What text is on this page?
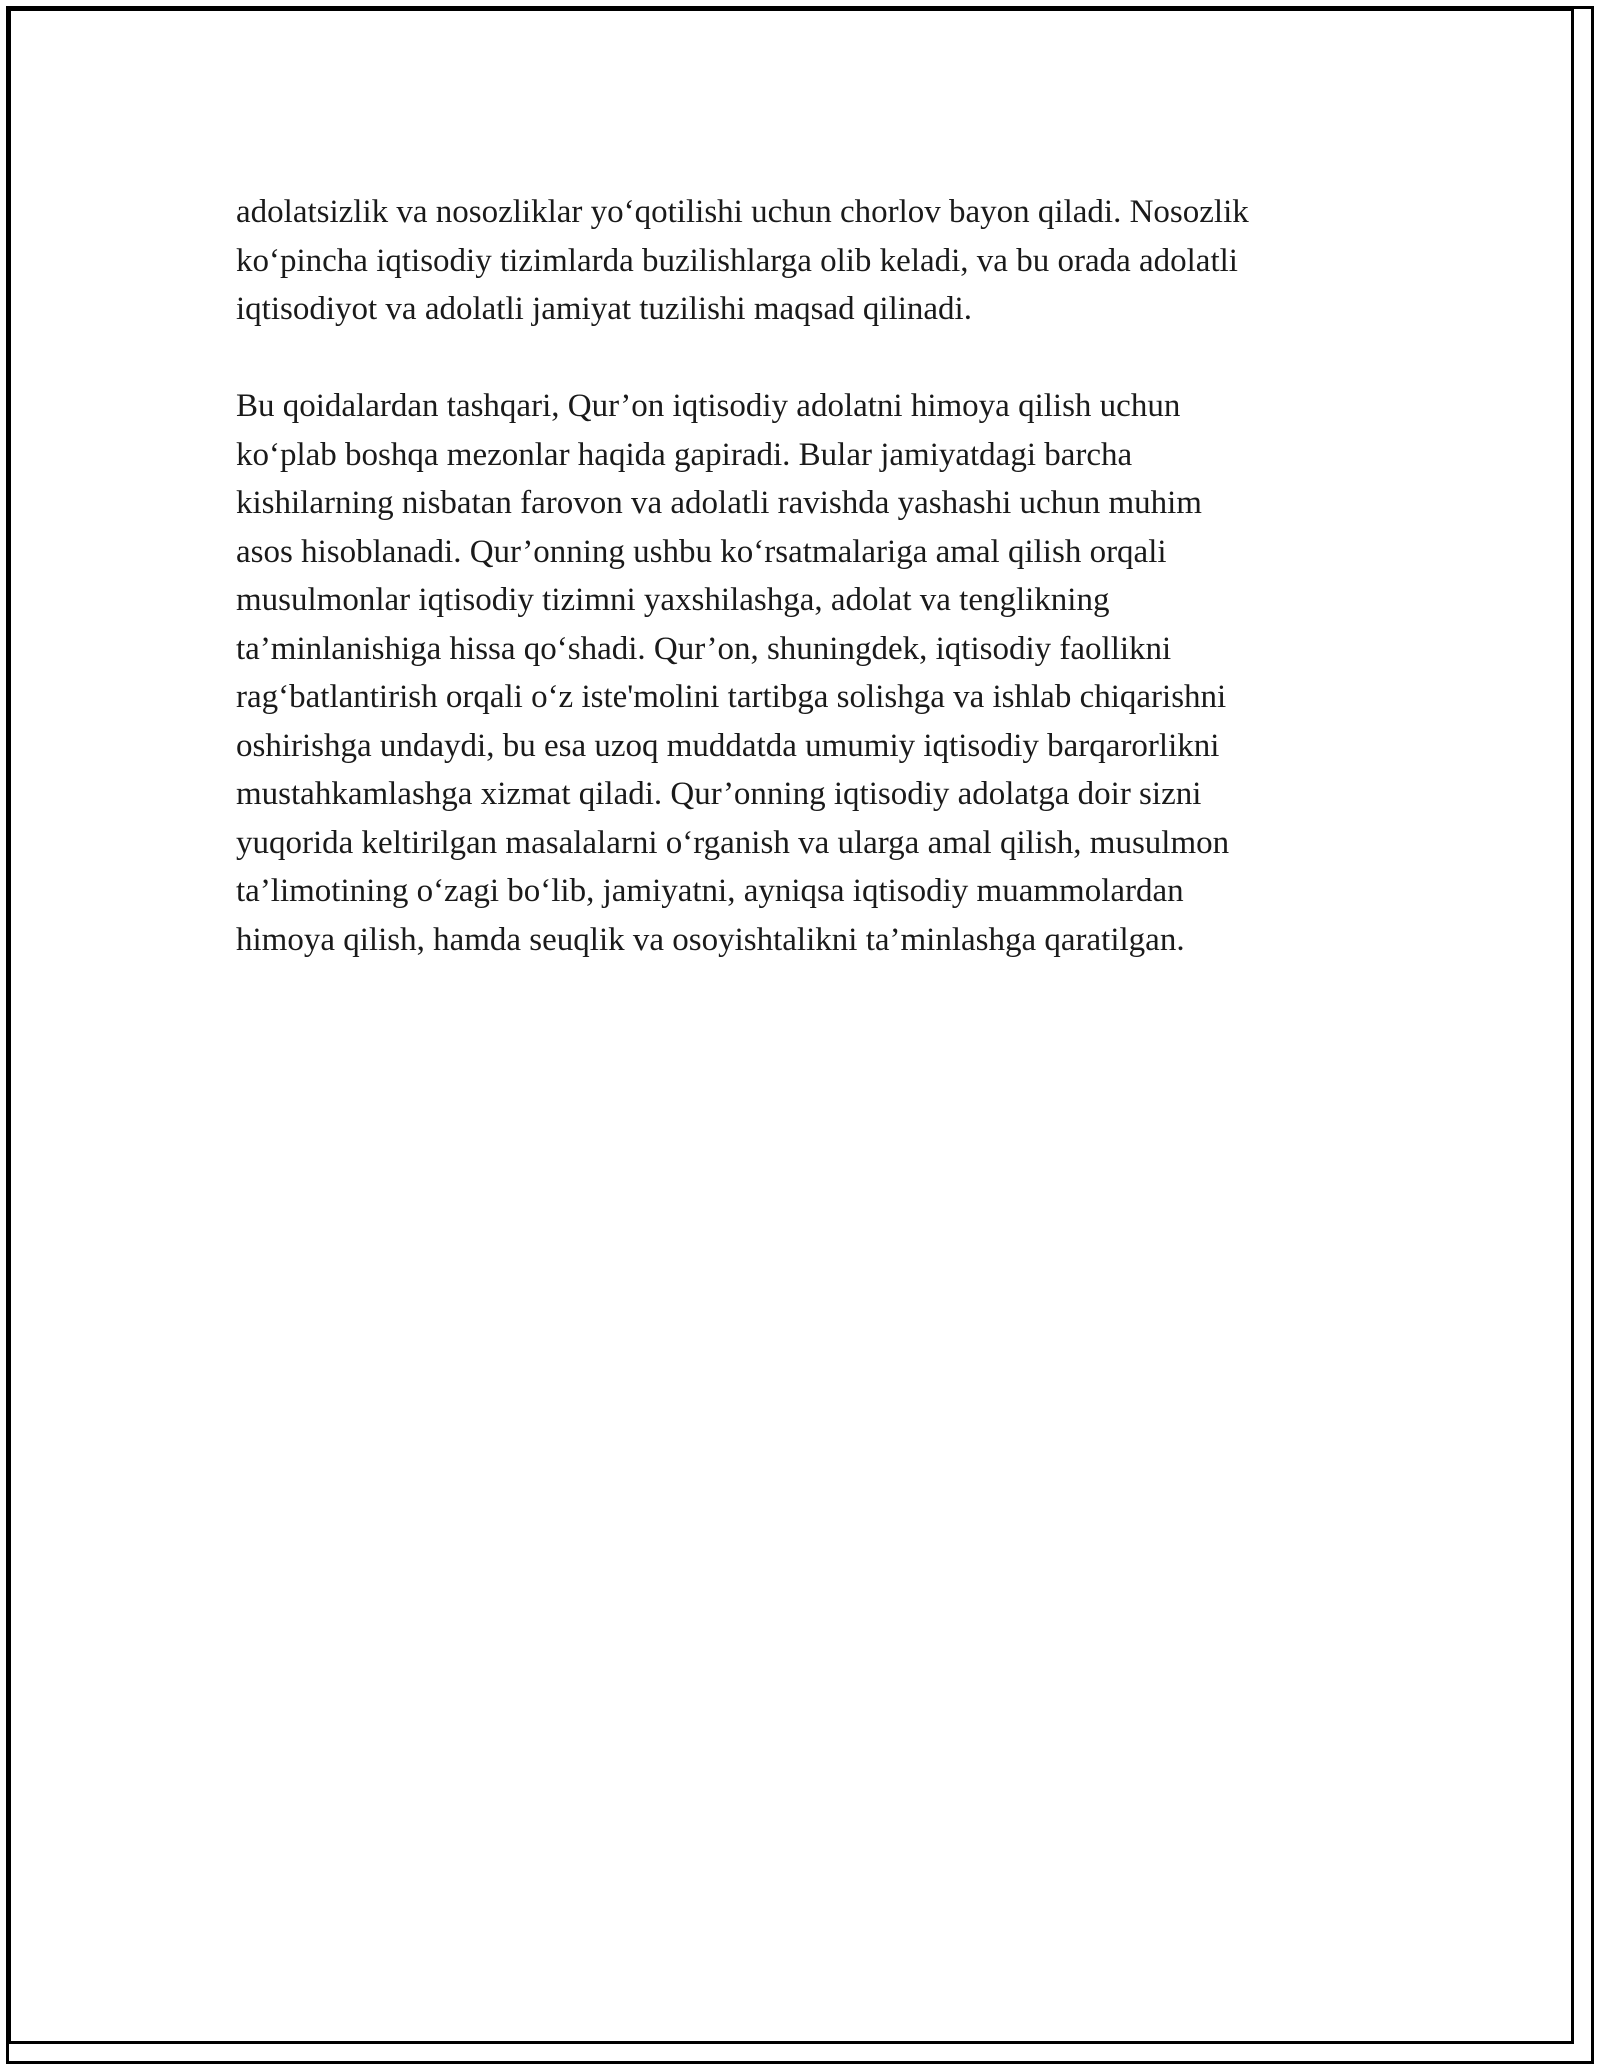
adolatsizlik va nosozliklar yo‘qotilishi uchun chorlov bayon qiladi. Nosozlik

ko‘pincha iqtisodiy tizimlarda buzilishlarga olib keladi, va bu orada adolatli

iqtisodiyot va adolatli jamiyat tuzilishi maqsad qilinadi.

Bu qoidalardan tashqari, Qur’on iqtisodiy adolatni himoya qilish uchun

ko‘plab boshqa mezonlar haqida gapiradi. Bular jamiyatdagi barcha

kishilarning nisbatan farovon va adolatli ravishda yashashi uchun muhim

asos hisoblanadi. Qur’onning ushbu ko‘rsatmalariga amal qilish orqali

musulmonlar iqtisodiy tizimni yaxshilashga, adolat va tenglikning

ta’minlanishiga hissa qo‘shadi. Qur’on, shuningdek, iqtisodiy faollikni

rag‘batlantirish orqali o‘z iste'molini tartibga solishga va ishlab chiqarishni

oshirishga undaydi, bu esa uzoq muddatda umumiy iqtisodiy barqarorlikni

mustahkamlashga xizmat qiladi. Qur’onning iqtisodiy adolatga doir sizni

yuqorida keltirilgan masalalarni o‘rganish va ularga amal qilish, musulmon

ta’limotining o‘zagi bo‘lib, jamiyatni, ayniqsa iqtisodiy muammolardan

himoya qilish, hamda seuqlik va osoyishtalikni ta’minlashga qaratilgan.
